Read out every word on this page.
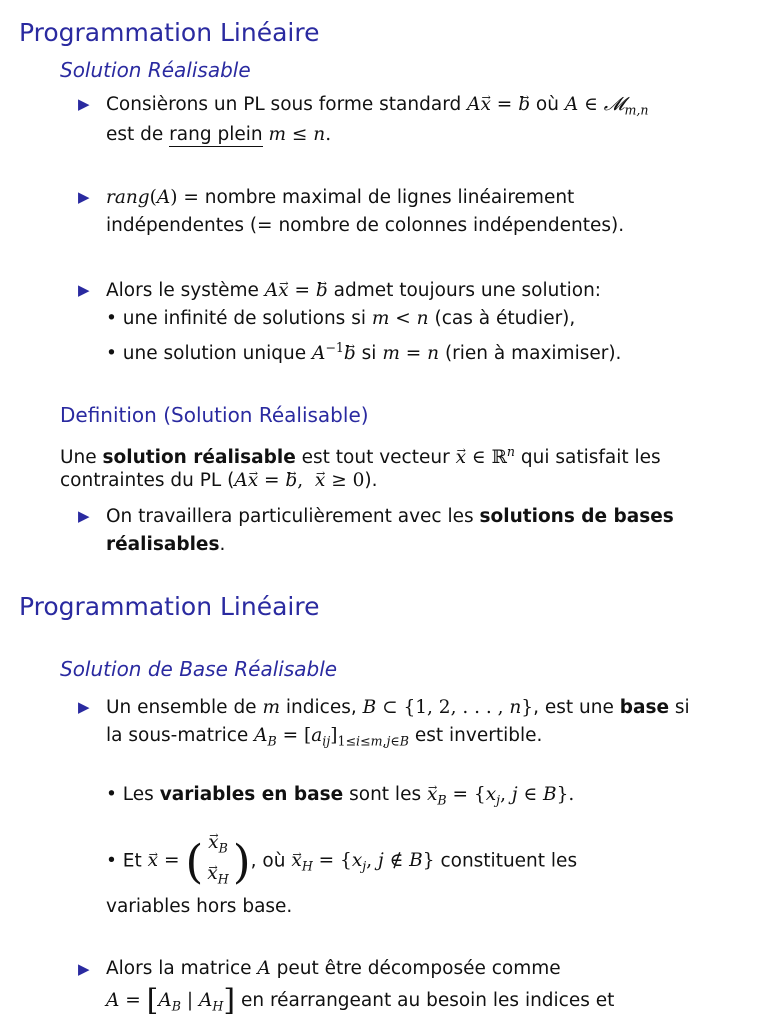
Programmation Linéaire
Solution Réalisable
▶ Consièrons un PL sous forme standard A→ x = → b où A ∈ 𝓜$_{m,n}$
est de rang plein m ≤ n.
▶ rang(A) = nombre maximal de lignes linéairement
indépendentes (= nombre de colonnes indépendentes).
▶ Alors le système A→ x = → b admet toujours une solution:
• une infinité de solutions si m < n (cas à étudier),
• une solution unique $A^{-1}\to b$ si m = n (rien à maximiser).
Definition (Solution Réalisable)
Une solution réalisable est tout vecteur → x ∈ ℝ$^n$ qui satisfait les
contraintes du PL (A→ x = → b,  → x ≥ 0).
▶ On travaillera particulièrement avec les solutions de bases
réalisables.
Programmation Linéaire
Solution de Base Réalisable
▶ Un ensemble de m indices, B ⊂ {1, 2, . . . , n}, est une base si
la sous-matrice $A_B = [a_{ij}]_{1\le i\le m,j\in B}$ est invertible.
• Les variables en base sont les → $x_B = \{x_j$, j ∈ B}.
• Et → x = ( → $x_B$
→ $x_H$), où → $x_H = \{x_j$, j ∉ B} constituent les
variables hors base.
▶ Alors la matrice A peut être décomposée comme
$A = [A_B$ | $A_H$] en réarrangeant au besoin les indices et
